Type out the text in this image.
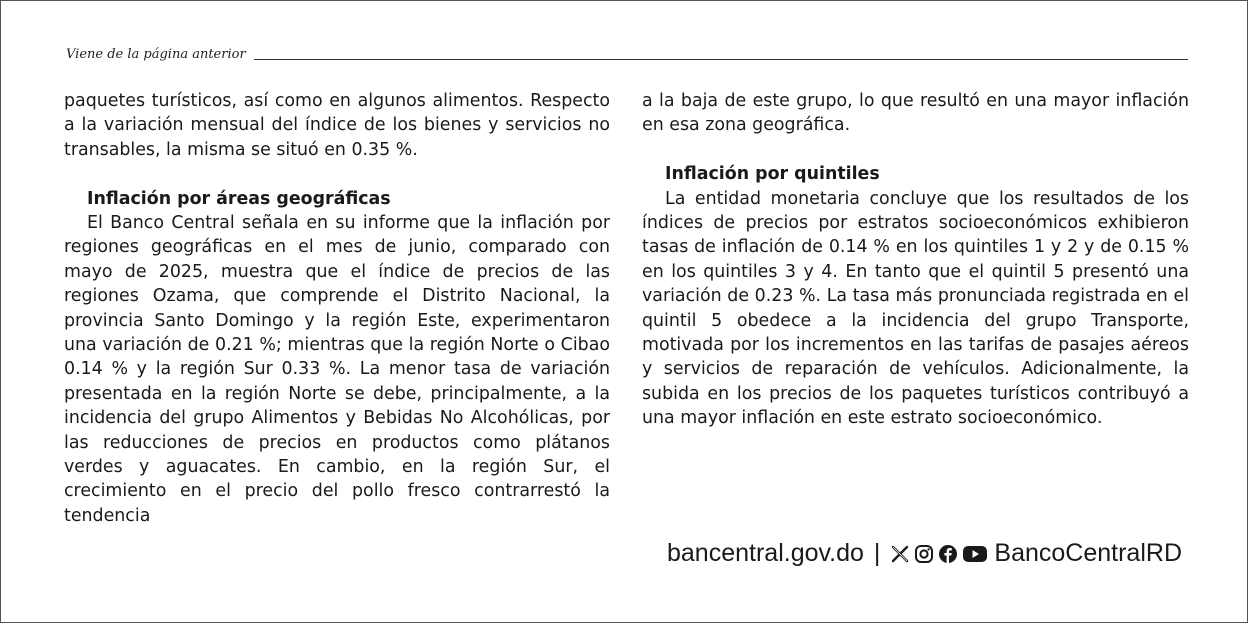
Viene de la página anterior

paquetes turísticos, así como en algunos alimentos. Respecto a la variación mensual del índice de los bienes y servicios no transables, la misma se situó en 0.35 %.

Inflación por áreas geográficas

El Banco Central señala en su informe que la inflación por regiones geográficas en el mes de junio, comparado con mayo de 2025, muestra que el índice de precios de las regiones Ozama, que comprende el Distrito Nacional, la provincia Santo Domingo y la región Este, experimentaron una variación de 0.21 %; mientras que la región Norte o Cibao 0.14 % y la región Sur 0.33 %. La menor tasa de variación presentada en la región Norte se debe, principalmente, a la incidencia del grupo Alimentos y Bebidas No Alcohólicas, por las reducciones de precios en productos como plátanos verdes y aguacates. En cambio, en la región Sur, el crecimiento en el precio del pollo fresco contrarrestó la tendencia

a la baja de este grupo, lo que resultó en una mayor inflación en esa zona geográfica.

Inflación por quintiles

La entidad monetaria concluye que los resultados de los índices de precios por estratos socioeconómicos exhibieron tasas de inflación de 0.14 % en los quintiles 1 y 2 y de 0.15 % en los quintiles 3 y 4. En tanto que el quintil 5 presentó una variación de 0.23 %. La tasa más pronunciada registrada en el quintil 5 obedece a la incidencia del grupo Transporte, motivada por los incrementos en las tarifas de pasajes aéreos y servicios de reparación de vehículos. Adicionalmente, la subida en los precios de los paquetes turísticos contribuyó a una mayor inflación en este estrato socioeconómico.

bancentral.gov.do |	BancoCentralRD
